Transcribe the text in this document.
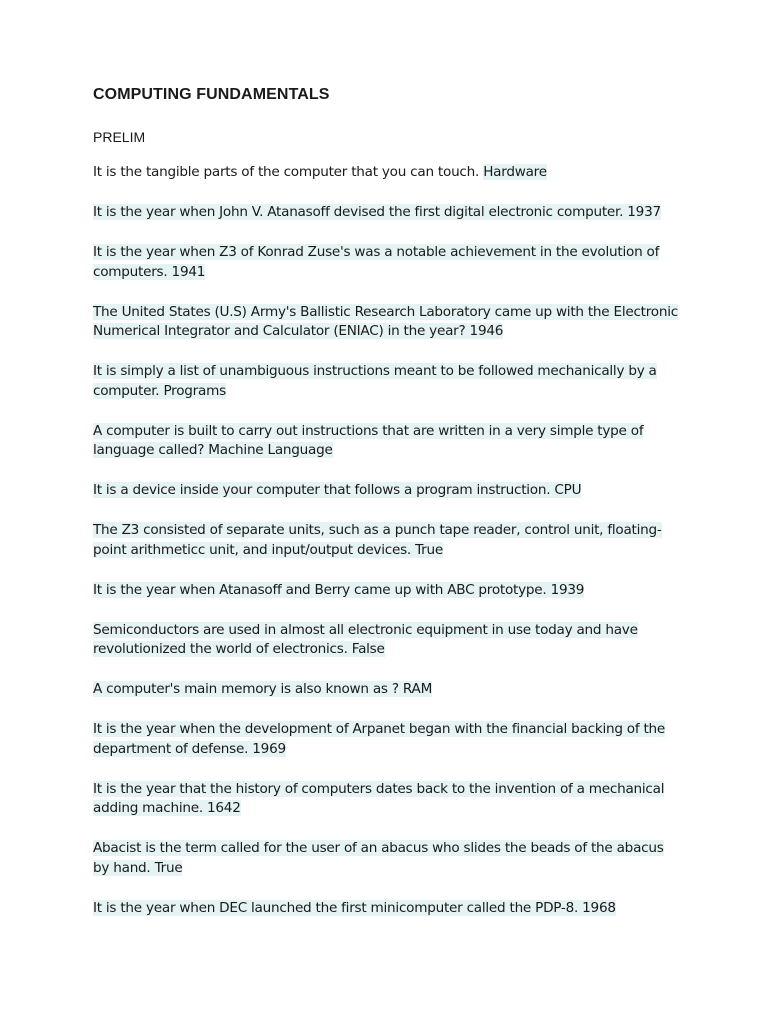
COMPUTING FUNDAMENTALS
PRELIM
It is the tangible parts of the computer that you can touch. Hardware
It is the year when John V. Atanasoff devised the first digital electronic computer. 1937
It is the year when Z3 of Konrad Zuse's was a notable achievement in the evolution of computers. 1941
The United States (U.S) Army's Ballistic Research Laboratory came up with the Electronic Numerical Integrator and Calculator (ENIAC) in the year? 1946
It is simply a list of unambiguous instructions meant to be followed mechanically by a computer. Programs
A computer is built to carry out instructions that are written in a very simple type of language called? Machine Language
It is a device inside your computer that follows a program instruction. CPU
The Z3 consisted of separate units, such as a punch tape reader, control unit, floating-point arithmeticc unit, and input/output devices. True
It is the year when Atanasoff and Berry came up with ABC prototype. 1939
Semiconductors are used in almost all electronic equipment in use today and have revolutionized the world of electronics. False
A computer's main memory is also known as ? RAM
It is the year when the development of Arpanet began with the financial backing of the department of defense. 1969
It is the year that the history of computers dates back to the invention of a mechanical adding machine. 1642
Abacist is the term called for the user of an abacus who slides the beads of the abacus by hand. True
It is the year when DEC launched the first minicomputer called the PDP-8. 1968
